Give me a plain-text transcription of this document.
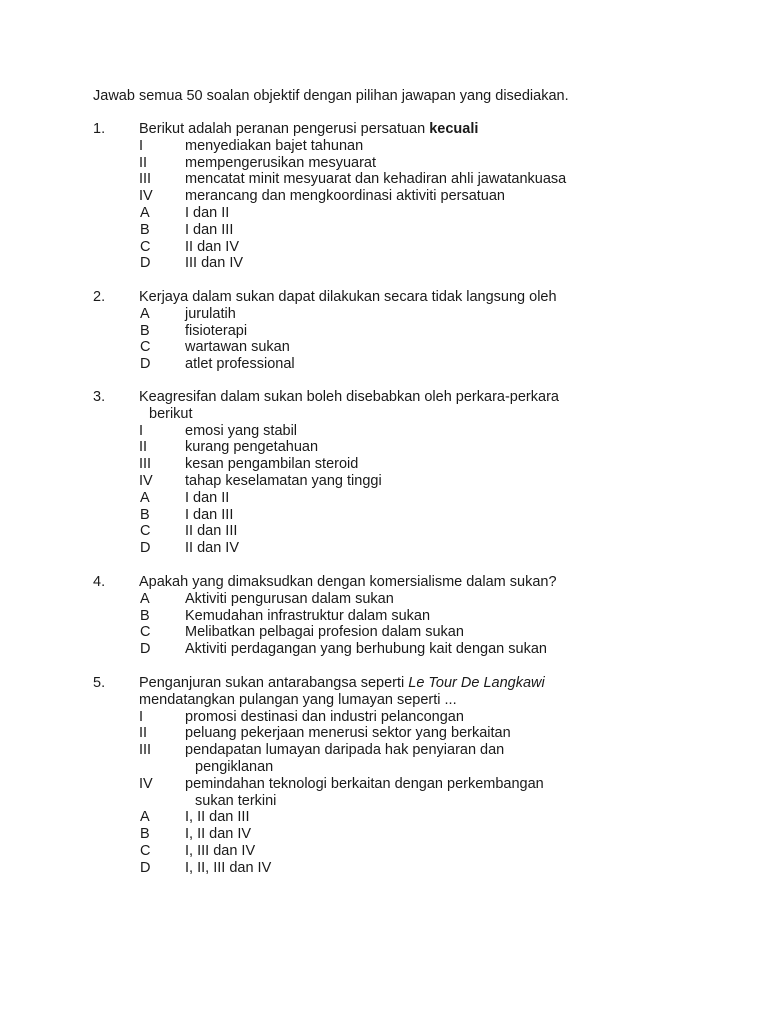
Jawab semua 50 soalan objektif dengan pilihan jawapan yang disediakan.
1. Berikut adalah peranan pengerusi persatuan kecuali
I	menyediakan bajet tahunan
II	mempengerusikan mesyuarat
III mencatat minit mesyuarat dan kehadiran ahli jawatankuasa
IV merancang dan mengkoordinasi aktiviti persatuan
A I dan II
B I dan III
C II dan IV
D III dan IV
2. Kerjaya dalam sukan dapat dilakukan secara tidak langsung oleh
A jurulatih
B fisioterapi
C wartawan sukan
D atlet professional
3. Keagresifan dalam sukan boleh disebabkan oleh perkara-perkara
berikut
I	emosi yang stabil
II	kurang pengetahuan
III kesan pengambilan steroid
IV tahap keselamatan yang tinggi
A I dan II
B I dan III
C II dan III
D II dan IV
4. Apakah yang dimaksudkan dengan komersialisme dalam sukan?
A Aktiviti pengurusan dalam sukan
B Kemudahan infrastruktur dalam sukan
C Melibatkan pelbagai profesion dalam sukan
D Aktiviti perdagangan yang berhubung kait dengan sukan
5. Penganjuran sukan antarabangsa seperti Le Tour De Langkawi
mendatangkan pulangan yang lumayan seperti ...
I	promosi destinasi dan industri pelancongan
II	peluang pekerjaan menerusi sektor yang berkaitan
III pendapatan lumayan daripada hak penyiaran dan
pengiklanan
IV pemindahan teknologi berkaitan dengan perkembangan
sukan terkini
A I, II dan III
B I, II dan IV
C I, III dan IV
D I, II, III dan IV
